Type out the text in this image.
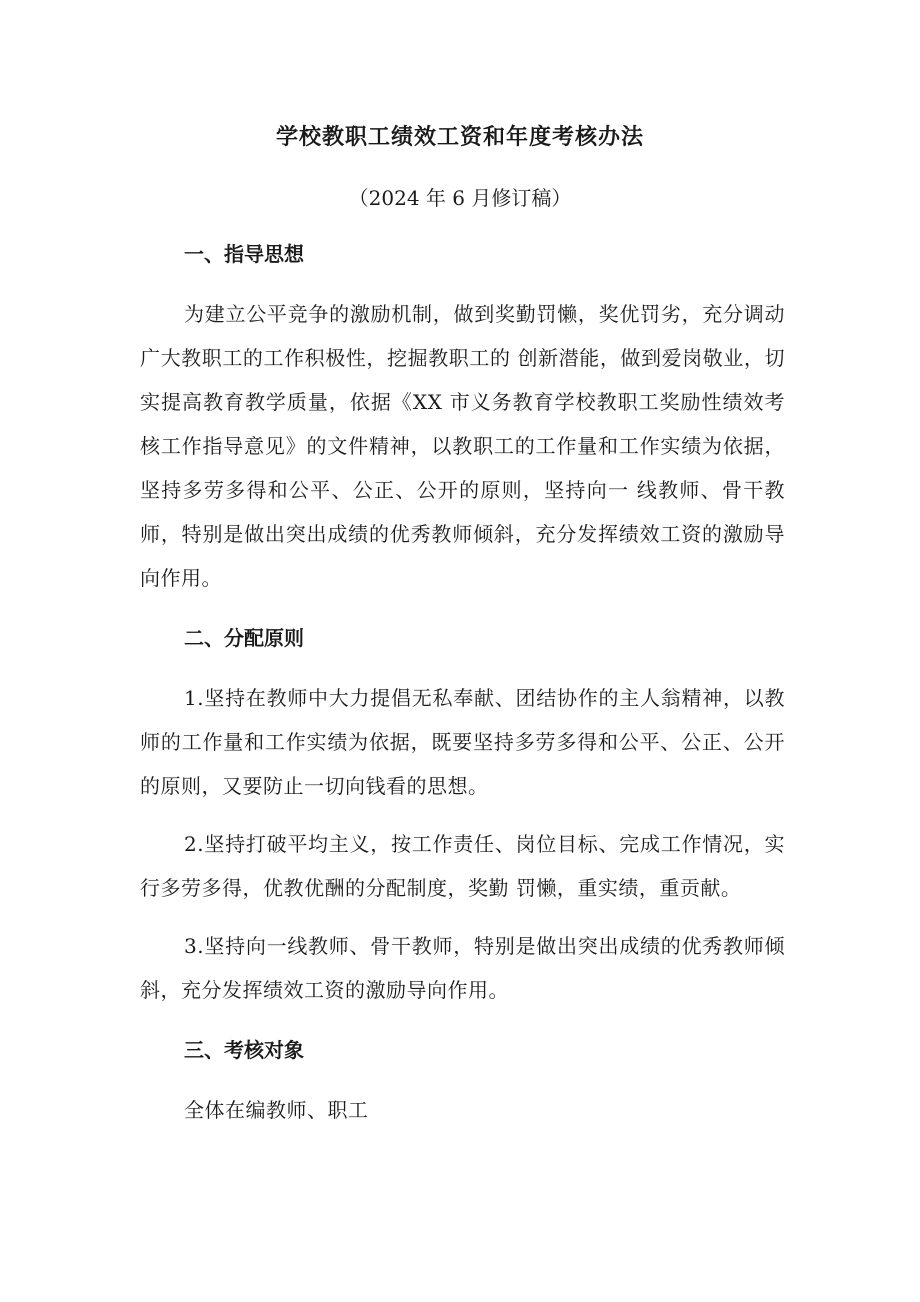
学校教职工绩效工资和年度考核办法

（2024 年 6 月修订稿）

一、指导思想

为建立公平竞争的激励机制，做到奖勤罚懒，奖优罚劣，充分调动广大教职工的工作积极性，挖掘教职工的 创新潜能，做到爱岗敬业，切实提高教育教学质量，依据《XX 市义务教育学校教职工奖励性绩效考核工作指导意见》的文件精神，以教职工的工作量和工作实绩为依据，坚持多劳多得和公平、公正、公开的原则，坚持向一 线教师、骨干教师，特别是做出突出成绩的优秀教师倾斜，充分发挥绩效工资的激励导向作用。

二、分配原则

1.坚持在教师中大力提倡无私奉献、团结协作的主人翁精神，以教师的工作量和工作实绩为依据，既要坚持多劳多得和公平、公正、公开的原则，又要防止一切向钱看的思想。

2.坚持打破平均主义，按工作责任、岗位目标、完成工作情况，实行多劳多得，优教优酬的分配制度，奖勤 罚懒，重实绩，重贡献。

3.坚持向一线教师、骨干教师，特别是做出突出成绩的优秀教师倾斜，充分发挥绩效工资的激励导向作用。

三、考核对象

全体在编教师、职工
